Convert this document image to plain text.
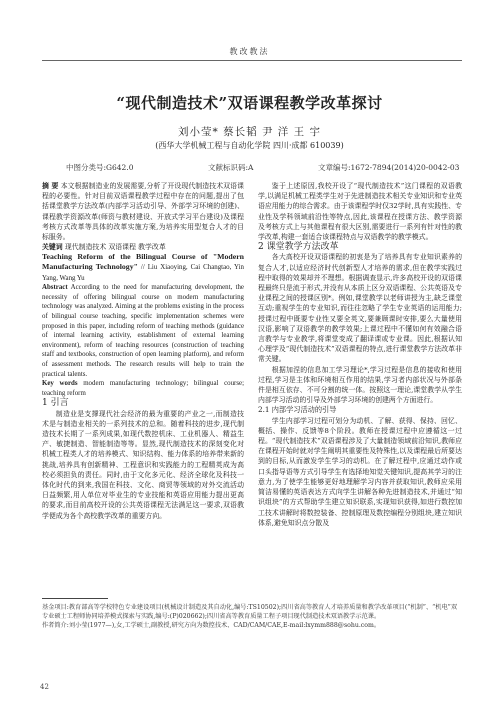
教改教法
“现代制造技术”双语课程教学改革探讨
刘小莹* 蔡长韬 尹 洋 王 宇
(西华大学机械工程与自动化学院 四川·成都 610039)
中图分类号:G642.0	文献标识码:A	文章编号:1672-7894(2014)20-0042-03

摘 要 本文根据制造业的发展需要,分析了开设现代制造技术双语课程的必要性。针对目前双语课程教学过程中存在的问题,提出了包括课堂教学方法改革(内部学习活动引导、外部学习环境的创建)、课程教学资源改革(师资与教材建设、开放式学习平台建设)及课程考核方式改革等具体的改革实施方案,为培养实用型复合人才的目标服务。

关键词 现代制造技术 双语课程 教学改革

Teaching Reform of the Bilingual Course of "Modern Manufacturing Technology" // Liu Xiaoying, Cai Changtao, Yin Yang, Wang Yu

Abstract According to the need for manufacturing development, the necessity of offering bilingual course on modern manufacturing technology was analyzed. Aiming at the problems existing in the process of bilingual course teaching, specific implementation schemes were proposed in this paper, including reform of teaching methods (guidance of internal learning activity, establishment of external learning environment), reform of teaching resources (construction of teaching staff and textbooks, construction of open learning platform), and reform of assessment methods. The research results will help to train the practical talents.

Key words modern manufacturing technology; bilingual course; teaching reform

1 引言

制造业是支撑现代社会经济的最为重要的产业之一,而制造技术是与制造业相关的一系列技术的总和。随着科技的进步,现代制造技术长期了一系列成果,如现代数控机床、工业机器人、精益生产、敏捷制造、智能制造等等。显然,现代制造技术的深刻变化对机械工程类人才的培养模式、知识结构、能力体系的培养带来新的挑战,培养具有创新精神、工程意识和实践能力的工程精英成为高校必须担负的责任。同时,由于文化多元化、经济全球化及科技一体化时代的到来,我国在科技、文化、商贸等领域的对外交流活动日益频繁,用人单位对毕业生的专业技能和英语应用能力提出更高的要求,而目前高校开设的公共英语课程无法满足这一要求,双语教学便成为各个高校教学改革的重要方向。

鉴于上述原因,我校开设了“现代制造技术”这门课程的双语教学,以满足机械工程类学生对于先进制造技术相关专业知识和专业英语应用能力的综合需求。由于该课程学时仅32学时,具有实践性、专业性及学科领域前沿性等特点,因此,该课程在授课方法、教学资源及考核方式上与其他课程有很大区别,需要进行一系列有针对性的教学改革,构建一套适合该课程特点与双语教学的教学模式。

2 课堂教学方法改革

各大高校开设双语课程的初衷是为了培养具有专业知识素养的复合人才,以适应经济时代创新型人才培养的需求,但在教学实践过程中取得的效果却并不理想。根据调查显示,许多高校开设的双语课程最终只是流于形式,并没有从本质上区分双语课程、公共英语及专业课程之间的授课区别*。例如,课堂教学以老师讲授为主,缺乏课堂互动;重视学生的专业知识,而往往忽略了学生专业英语的运用能力;授课过程中既要专业性又要全英文,要兼顾课时安排,要么大量使用汉语,影响了双语教学的教学效果;上课过程中不懂如何有效融合语言教学与专业教学,将课堂变成了翻译课或专业课。因此,根据认知心理学及“现代制造技术”双语课程的特点,进行课堂教学方法改革非常关键。

根据加涅的信息加工学习理论*,学习过程是信息的接收和使用过程,学习是主体和环境相互作用的结果,学习者内部状况与外部条件是相互依存、不可分割的统一体。按照这一理论,课堂教学从学生内部学习活动的引导及外部学习环境的创建两个方面进行。

2.1 内部学习活动的引导

学生内部学习过程可划分为动机、了解、获得、保持、回忆、概括、操作、反馈等8个阶段。教师在授课过程中应遵循这一过程。“现代制造技术”双语课程涉及了大量制造领域前沿知识,教师应在课程开始时就对学生阐明其重要性及特殊性,以及课程最后所要达到的目标,从而激发学生学习的动机。在了解过程中,应通过动作或口头指导语等方式引导学生有选择地知觉关键知识,提高其学习的注意力,为了使学生能够更好地理解学习内容并获取知识,教师应采用简洁易懂的英语表达方式向学生讲解各种先进制造技术,并通过“知识组块”的方式帮助学生建立知识联系,实现知识获得,如进行数控加工技术讲解时将数控装备、控制原理及数控编程分别组块,建立知识体系,避免知识点分散及

基金项目:教育部高等学校特色专业建设项目(机械设计制造及其自动化,编号:TS10502);四川省高等教育人才培养质量和教学改革项目(“机制”、“机电”双专业硕士工程师协同培养模式探索与实践,编号:(P)020662);四川省高等教育质量工程子项目现代制造技术双语教学示范课。
作者简介:刘小莹(1977—),女,工学硕士,副教授,研究方向为数控技术、CAD/CAM/CAE,E-mail:lxymm888@sohu.com。
42
